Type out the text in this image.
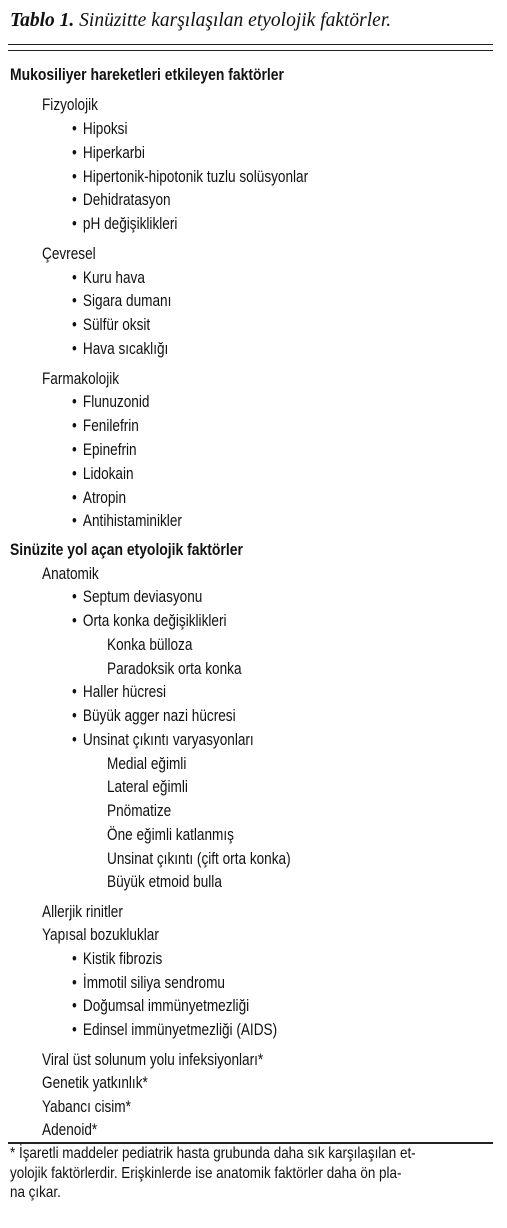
Tablo 1. Sinüzitte karşılaşılan etyolojik faktörler.
Mukosiliyer hareketleri etkileyen faktörler
Fizyolojik
• Hipoksi
• Hiperkarbi
• Hipertonik-hipotonik tuzlu solüsyonlar
• Dehidratasyon
• pH değişiklikleri
Çevresel
• Kuru hava
• Sigara dumanı
• Sülfür oksit
• Hava sıcaklığı
Farmakolojik
• Flunuzonid
• Fenilefrin
• Epinefrin
• Lidokain
• Atropin
• Antihistaminikler
Sinüzite yol açan etyolojik faktörler
Anatomik
• Septum deviasyonu
• Orta konka değişiklikleri
Konka bülloza
Paradoksik orta konka
• Haller hücresi
• Büyük agger nazi hücresi
• Unsinat çıkıntı varyasyonları
Medial eğimli
Lateral eğimli
Pnömatize
Öne eğimli katlanmış
Unsinat çıkıntı (çift orta konka)
Büyük etmoid bulla
Allerjik rinitler
Yapısal bozukluklar
• Kistik fibrozis
• İmmotil siliya sendromu
• Doğumsal immünyetmezliği
• Edinsel immünyetmezliği (AIDS)
Viral üst solunum yolu infeksiyonları*
Genetik yatkınlık*
Yabancı cisim*
Adenoid*
* İşaretli maddeler pediatrik hasta grubunda daha sık karşılaşılan et-
yolojik faktörlerdir. Erişkinlerde ise anatomik faktörler daha ön pla-
na çıkar.
